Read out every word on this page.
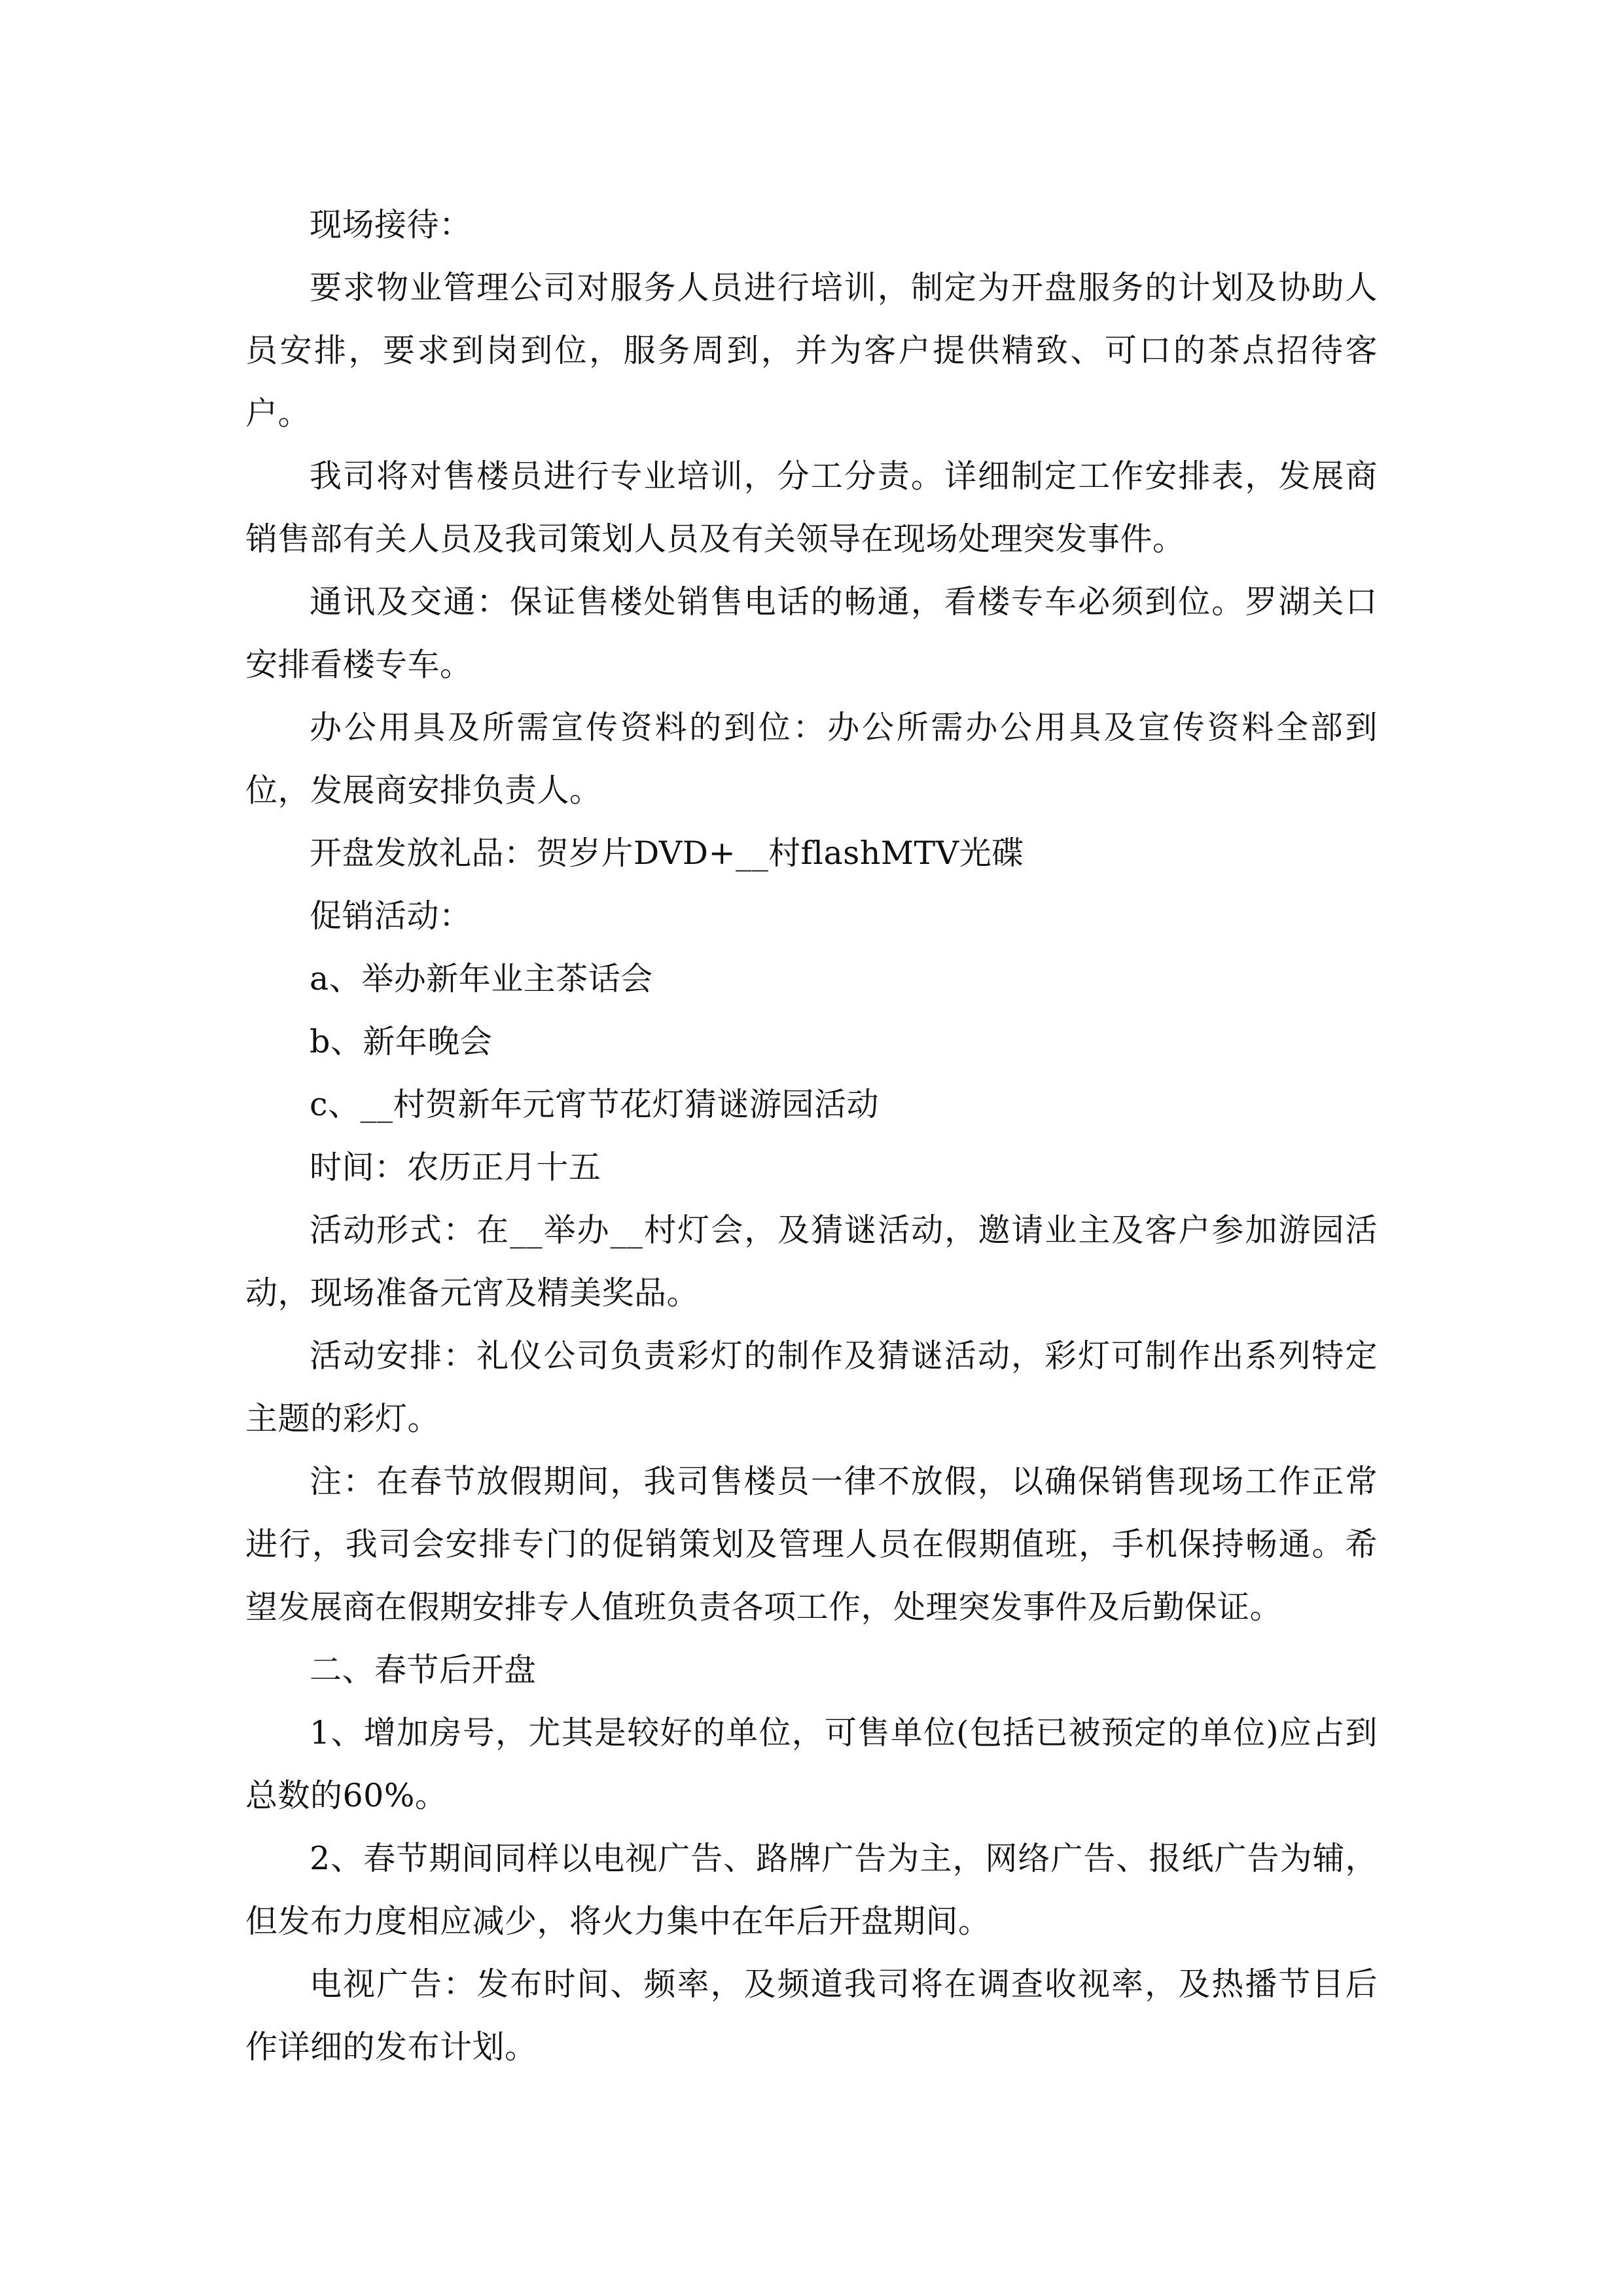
现场接待：

要求物业管理公司对服务人员进行培训，制定为开盘服务的计划及协助人员安排，要求到岗到位，服务周到，并为客户提供精致、可口的茶点招待客户。

我司将对售楼员进行专业培训，分工分责。详细制定工作安排表，发展商销售部有关人员及我司策划人员及有关领导在现场处理突发事件。

通讯及交通：保证售楼处销售电话的畅通，看楼专车必须到位。罗湖关口安排看楼专车。

办公用具及所需宣传资料的到位：办公所需办公用具及宣传资料全部到位，发展商安排负责人。

开盘发放礼品：贺岁片DVD+__村flashMTV光碟

促销活动：

a、举办新年业主茶话会

b、新年晚会

c、__村贺新年元宵节花灯猜谜游园活动

时间：农历正月十五

活动形式：在__举办__村灯会，及猜谜活动，邀请业主及客户参加游园活动，现场准备元宵及精美奖品。

活动安排：礼仪公司负责彩灯的制作及猜谜活动，彩灯可制作出系列特定主题的彩灯。

注：在春节放假期间，我司售楼员一律不放假，以确保销售现场工作正常进行，我司会安排专门的促销策划及管理人员在假期值班，手机保持畅通。希望发展商在假期安排专人值班负责各项工作，处理突发事件及后勤保证。

二、春节后开盘

1、增加房号，尤其是较好的单位，可售单位(包括已被预定的单位)应占到总数的60%。

2、春节期间同样以电视广告、路牌广告为主，网络广告、报纸广告为辅，但发布力度相应减少，将火力集中在年后开盘期间。

电视广告：发布时间、频率，及频道我司将在调查收视率，及热播节目后作详细的发布计划。
